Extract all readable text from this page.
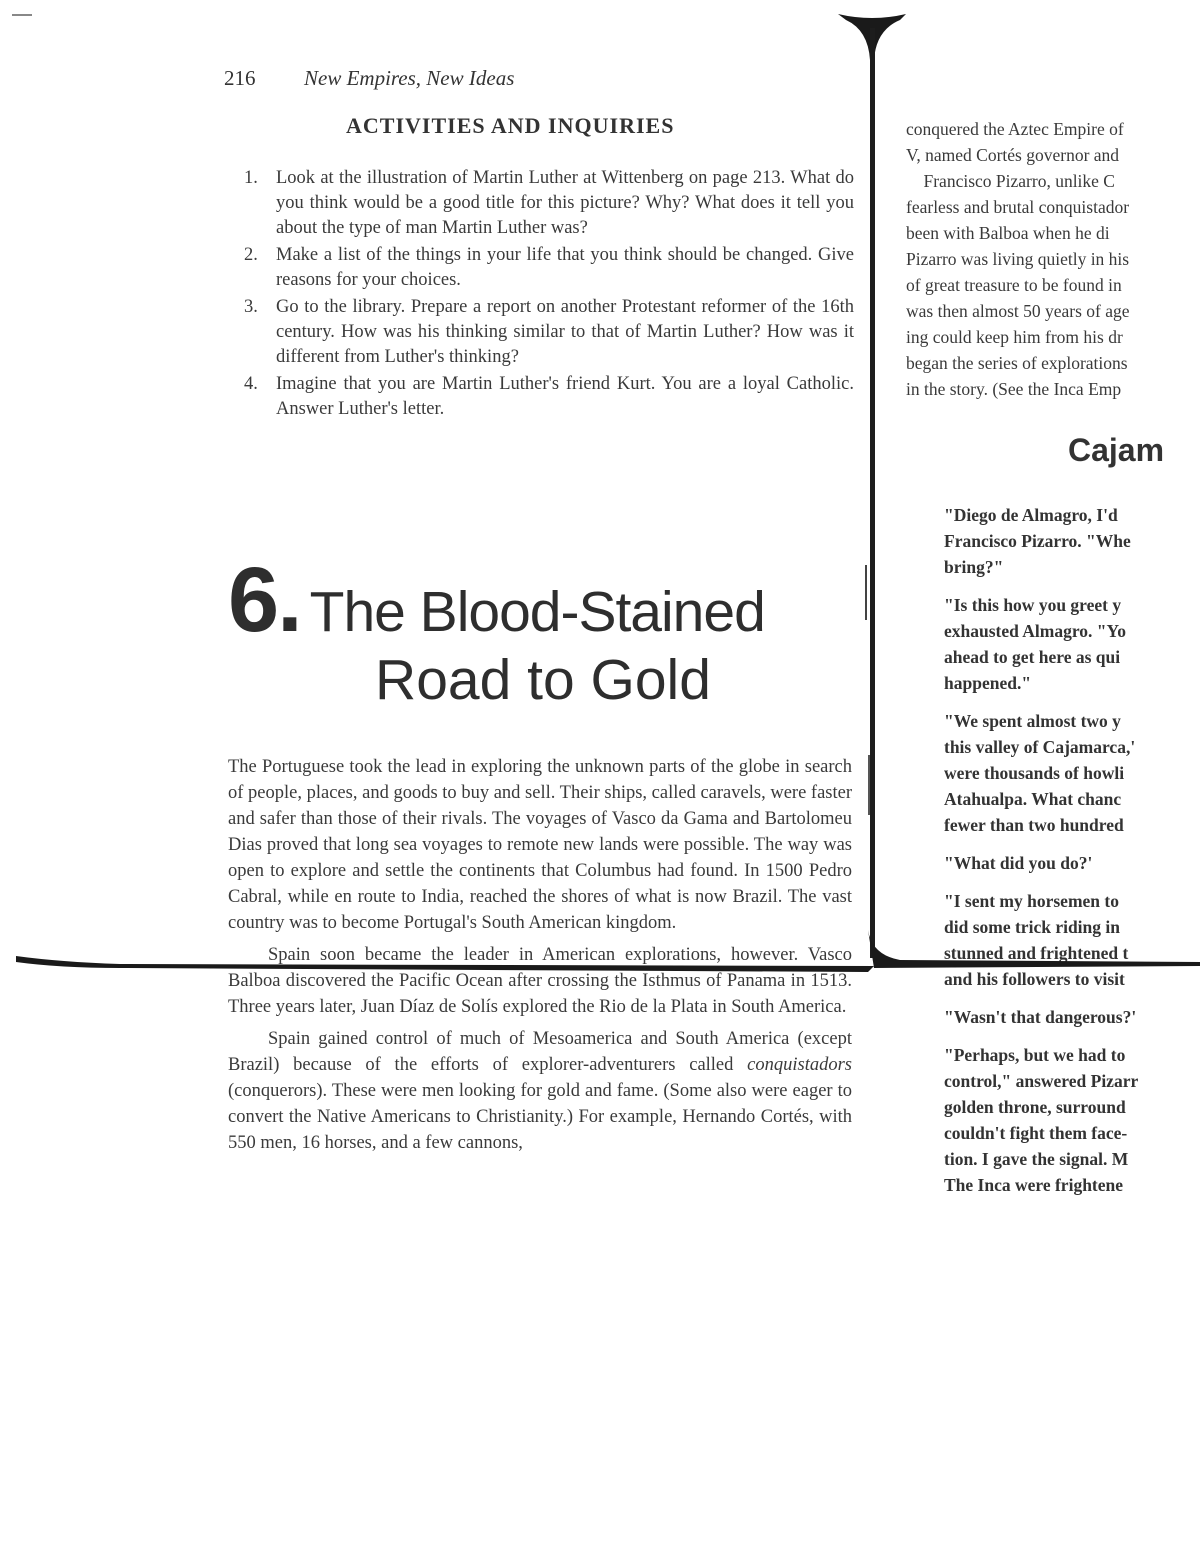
216 New Empires, New Ideas
ACTIVITIES AND INQUIRIES
1. Look at the illustration of Martin Luther at Wittenberg on page 213. What do you think would be a good title for this picture? Why? What does it tell you about the type of man Martin Luther was?
2. Make a list of the things in your life that you think should be changed. Give reasons for your choices.
3. Go to the library. Prepare a report on another Protestant reformer of the 16th century. How was his thinking similar to that of Martin Luther? How was it different from Luther's thinking?
4. Imagine that you are Martin Luther's friend Kurt. You are a loyal Catholic. Answer Luther's letter.
6. The Blood-Stained
Road to Gold

The Portuguese took the lead in exploring the unknown parts of the globe in search of people, places, and goods to buy and sell. Their ships, called caravels, were faster and safer than those of their rivals. The voyages of Vasco da Gama and Bartolomeu Dias proved that long sea voyages to remote new lands were possible. The way was open to explore and settle the continents that Columbus had found. In 1500 Pedro Cabral, while en route to India, reached the shores of what is now Brazil. The vast country was to become Portugal's South American kingdom.

Spain soon became the leader in American explorations, however. Vasco Balboa discovered the Pacific Ocean after crossing the Isthmus of Panama in 1513. Three years later, Juan Díaz de Solís explored the Rio de la Plata in South America.

Spain gained control of much of Mesoamerica and South America (except Brazil) because of the efforts of explorer-adventurers called conquistadors (conquerors). These were men looking for gold and fame. (Some also were eager to convert the Native Americans to Christianity.) For example, Hernando Cortés, with 550 men, 16 horses, and a few cannons,

conquered the Aztec Empire of
V, named Cortés governor and
Francisco Pizarro, unlike C
fearless and brutal conquistador
been with Balboa when he di
Pizarro was living quietly in his
of great treasure to be found in
was then almost 50 years of age
ing could keep him from his dr
began the series of explorations
in the story. (See the Inca Emp
Cajam

"Diego de Almagro, I'd
Francisco Pizarro. "Whe
bring?"

"Is this how you greet y
exhausted Almagro. "Yo
ahead to get here as qui
happened."

"We spent almost two y
this valley of Cajamarca,'
were thousands of howli
Atahualpa. What chanc
fewer than two hundred

"What did you do?'

"I sent my horsemen to
did some trick riding in
stunned and frightened t
and his followers to visit

"Wasn't that dangerous?'

"Perhaps, but we had to
control," answered Pizarr
golden throne, surround
couldn't fight them face-
tion. I gave the signal. M
The Inca were frightene
